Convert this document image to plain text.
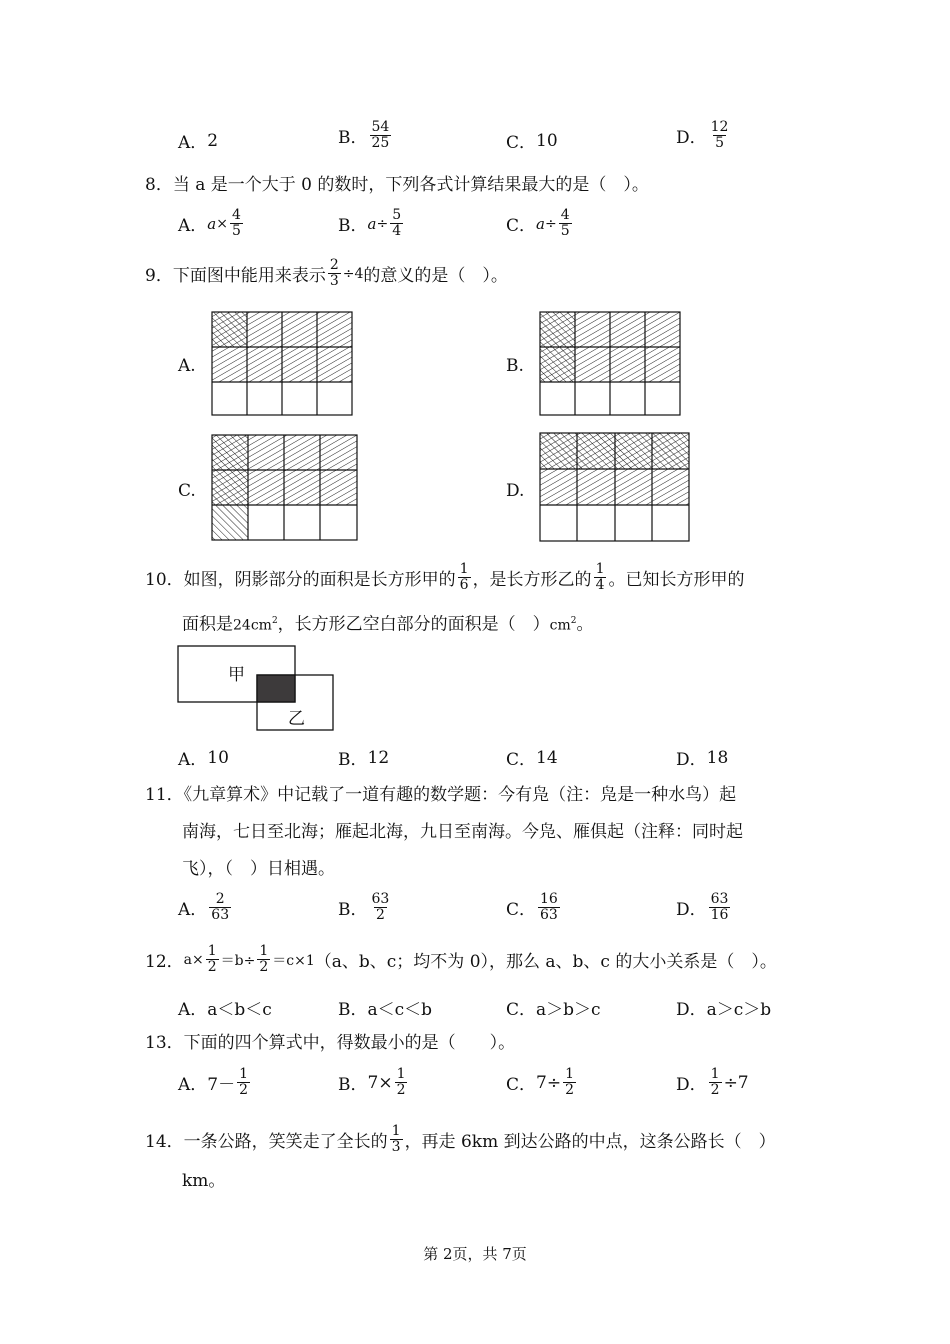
A． 2	B． $\frac{54}{25}$	C． 10	D． $\frac{12}{5}$
8．当 a 是一个大于 0 的数时，下列各式计算结果最大的是（　）。
A． $a \times \frac{4}{5}$	B． $a \div \frac{5}{4}$	C． $a \div \frac{4}{5}$
9．下面图中能用来表示 $\frac{2}{3} \div 4$ 的意义的是（　）。
A.	B.
C.	D.
10．如图，阴影部分的面积是长方形甲的 $\frac{1}{6}$ ，是长方形乙的 $\frac{1}{4}$ 。已知长方形甲的
面积是$24cm^2$，长方形乙空白部分的面积是（　）$cm^2$。
甲
乙
A． 10	B． 12	C． 14	D． 18
11．《九章算术》中记载了一道有趣的数学题：今有凫（注：凫是一种水鸟）起
南海，七日至北海；雁起北海，九日至南海。今凫、雁俱起（注释：同时起
飞），（　）日相遇。
A． $\frac{2}{63}$	B． $\frac{63}{2}$	C． $\frac{16}{63}$	D． $\frac{63}{16}$
12． $a\times \frac{1}{2} =b\div \frac{1}{2} =c\times 1$ （a、b、c；均不为 0），那么 a、b、c 的大小关系是（　）。
A． a＜b＜c	B． a＜c＜b	C． a＞b＞c	D． a＞c＞b
13．下面的四个算式中，得数最小的是（　　）。
A． $7- \frac{1}{2}$	B． $7\times \frac{1}{2}$	C． $7\div \frac{1}{2}$	D． $\frac{1}{2} \div 7$
14．一条公路，笑笑走了全长的 $\frac{1}{3}$ ，再走 6km 到达公路的中点，这条公路长（　）
km。
第 2页，共 7页
